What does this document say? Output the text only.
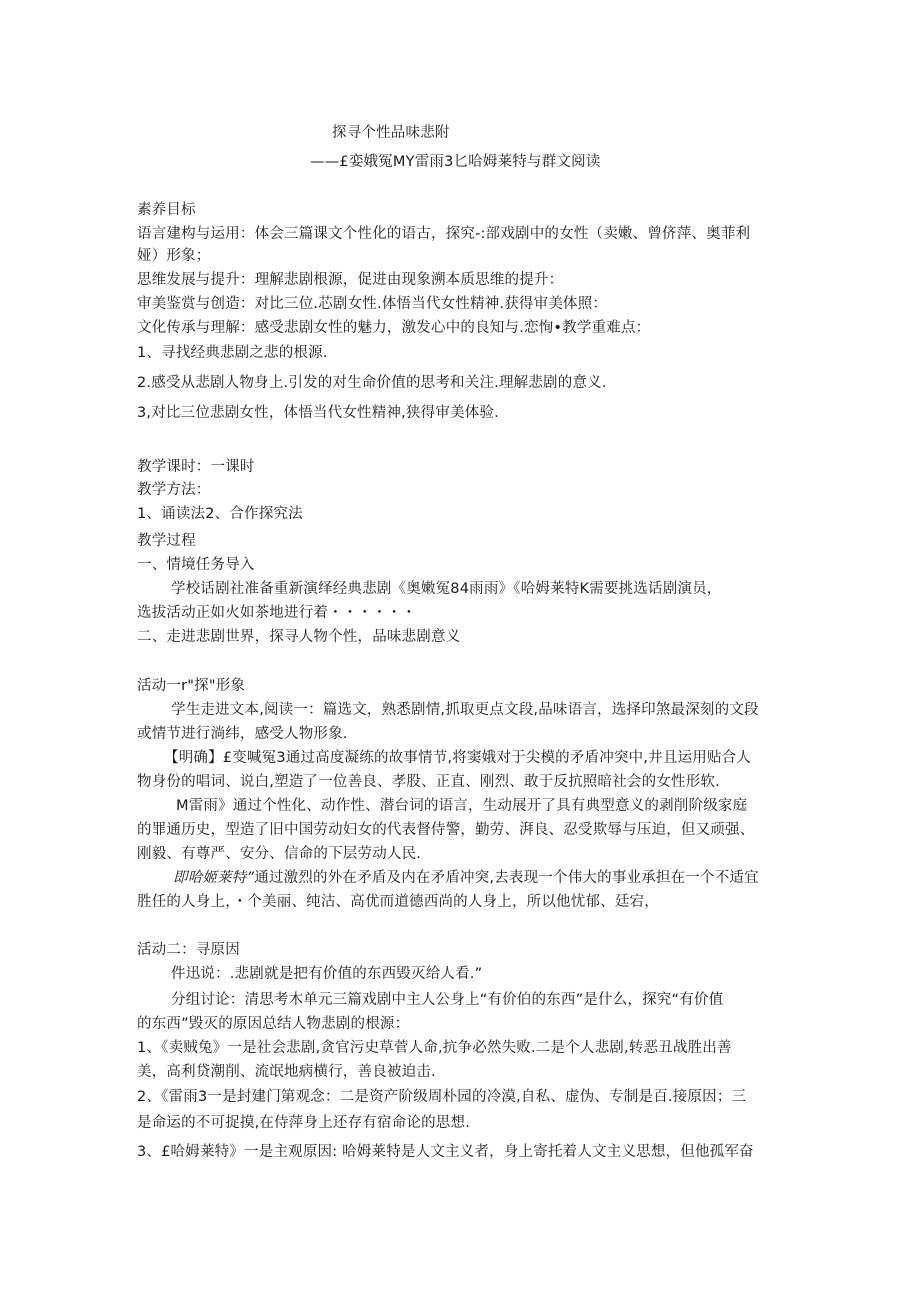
探寻个性品味悲附
——£娈娥冤MY雷雨3匕哈姆莱特与群文阅读
素养目标
语言建构与运用：体会三篇课文个性化的语古，探究-:部戏剧中的女性（卖嫩、曾侪萍、奥菲利
娅）形象；
思维发展与提升：理解悲剧根源，促进由现象溯本质思维的提升：
审美鉴赏与创造：对比三位.芯剧女性.体悟当代女性精神.获得审美体照：
文化传承与理解：感受悲剧女性的魅力，激发心中的良知与.恋恂•教学重难点：
1、寻找经典悲剧之悲的根源.
2.感受从悲剧人物身上.引发的对生命价值的思考和关注.理解悲剧的意义.
3,对比三位悲剧女性，体悟当代女性精神,狭得审美体验.
教学课时：一课时
教学方法：
1、诵读法2、合作探究法
教学过程
一、情境任务导入
学校话剧社准备重新演绎经典悲剧《奥嫩冤84雨雨》《哈姆莱特K需要挑选话剧演员，
选拔活动正如火如茶地进行着・・・・・・
二、走进悲剧世界，探寻人物个性，品味悲剧意义
活动一r"探"形象
学生走进文本,阅读一：篇选文，熟悉剧情,抓取更点文段,品味语言，选择印煞最深刻的文段
或情节进行淌纬，感受人物形象.
【明确】£变喊冤3通过高度凝练的故事情节,将窦娥对于尖模的矛盾冲突中,井且运用贴合人
物身份的唱词、说白,塑造了一位善良、孝股、正直、刚烈、敢于反抗照暗社会的女性形软.
M雷雨》通过个性化、动作性、潜台词的语言，生动展开了具有典型意义的剥削阶级家庭
的罪通历史，型造了旧中国劳动妇女的代表督侍警，勤劳、湃良、忍受欺辱与压迫，但又顽强、
刚毅、有尊严、安分、信命的下层劳动人民.
即哈姬莱特”通过激烈的外在矛盾及内在矛盾冲突,去表现一个伟大的事业承担在一个不适宜
胜任的人身上，・个美丽、纯沽、高优而道德西尚的人身上，所以他忧郁、廷宕，
活动二：寻原因
件迅说：.悲剧就是把有价值的东西毁灭给人看.”
分组讨论：清思考木单元三篇戏剧中主人公身上“有价伯的东西”是什么，探究“有价值
的东西”毁灭的原因总结人物悲剧的根源：
1、《卖贼兔》一是社会悲剧,贪官污史草菅人命,抗争必然失败.二是个人悲剧,转恶丑战胜出善
美，高利贷潮削、流氓地病横行，善良被迫击.
2、《雷雨3一是封建门第观念：二是资产阶级周朴园的冷漠,自私、虚伪、专制是百.接原因；三
是命运的不可捉摸,在侍萍身上还存有宿命论的思想.
3、£哈姆莱特》一是主观原因: 哈姆莱特是人文主义者，身上寄托着人文主义思想，但他孤军奋
